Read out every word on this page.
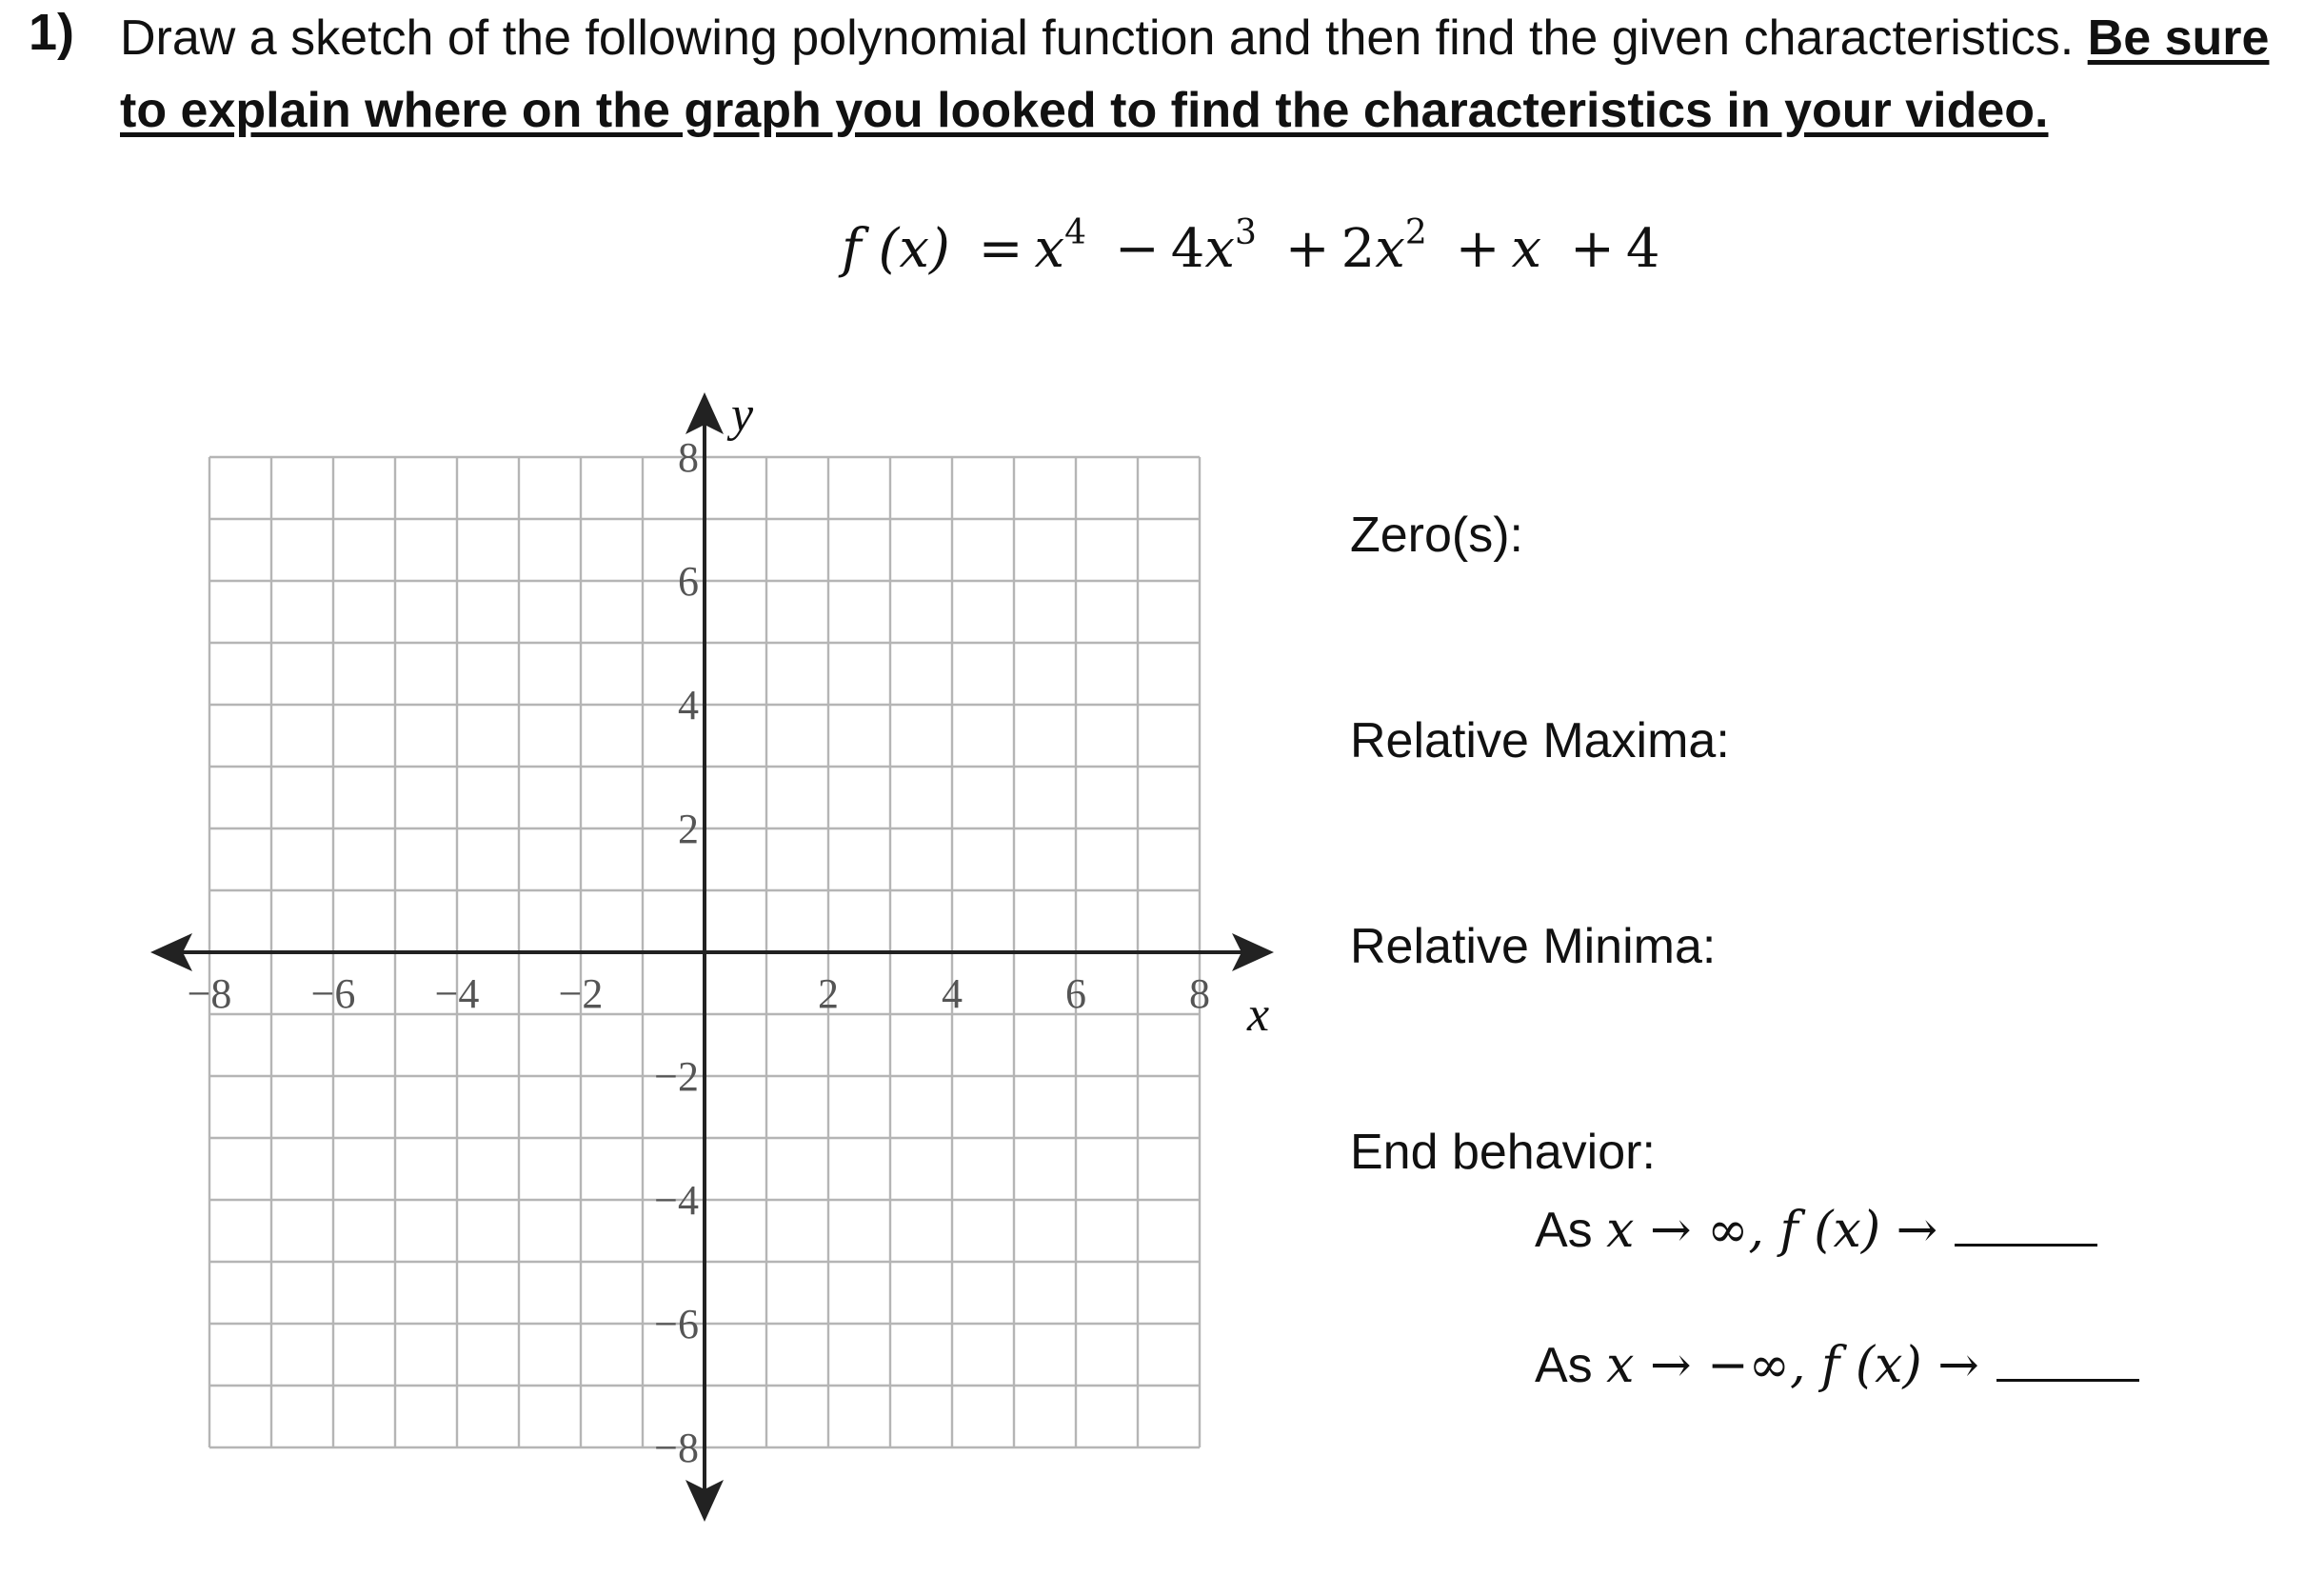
1) Draw a sketch of the following polynomial function and then find the given characteristics. Be sure to explain where on the graph you looked to find the characteristics in your video.
f $(x) = x^4 - 4x^3 + 2x^2 + x + 4$
−8 −6 −4 −2	2 4 6 8
8
6
4
2
−2
−4
−6
−8
x
y
Zero(s):
Relative Maxima:
Relative Minima:
End behavior:
As x → ∞, f (x) →
As x → −∞, f (x) →
